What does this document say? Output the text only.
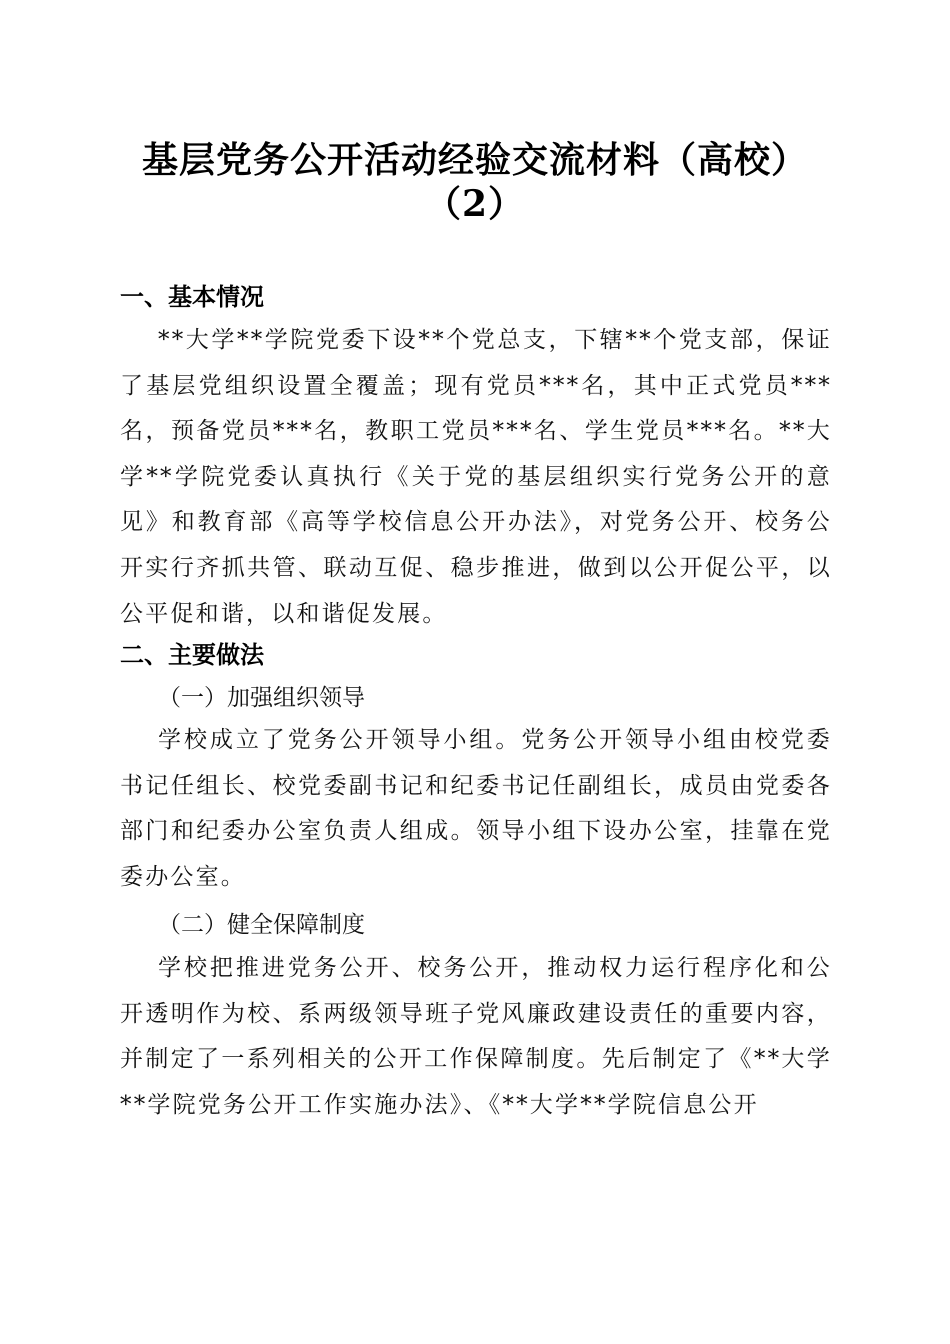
基层党务公开活动经验交流材料（高校）
（2）
一、基本情况
**大学**学院党委下设**个党总支，下辖**个党支部，保证了基层党组织设置全覆盖；现有党员***名，其中正式党员***名，预备党员***名，教职工党员***名、学生党员***名。**大学**学院党委认真执行《关于党的基层组织实行党务公开的意见》和教育部《高等学校信息公开办法》，对党务公开、校务公开实行齐抓共管、联动互促、稳步推进，做到以公开促公平，以公平促和谐，以和谐促发展。
二、主要做法
（一）加强组织领导
学校成立了党务公开领导小组。党务公开领导小组由校党委书记任组长、校党委副书记和纪委书记任副组长，成员由党委各部门和纪委办公室负责人组成。领导小组下设办公室，挂靠在党委办公室。
（二）健全保障制度
学校把推进党务公开、校务公开，推动权力运行程序化和公开透明作为校、系两级领导班子党风廉政建设责任的重要内容，并制定了一系列相关的公开工作保障制度。先后制定了《**大学**学院党务公开工作实施办法》、《**大学**学院信息公开
